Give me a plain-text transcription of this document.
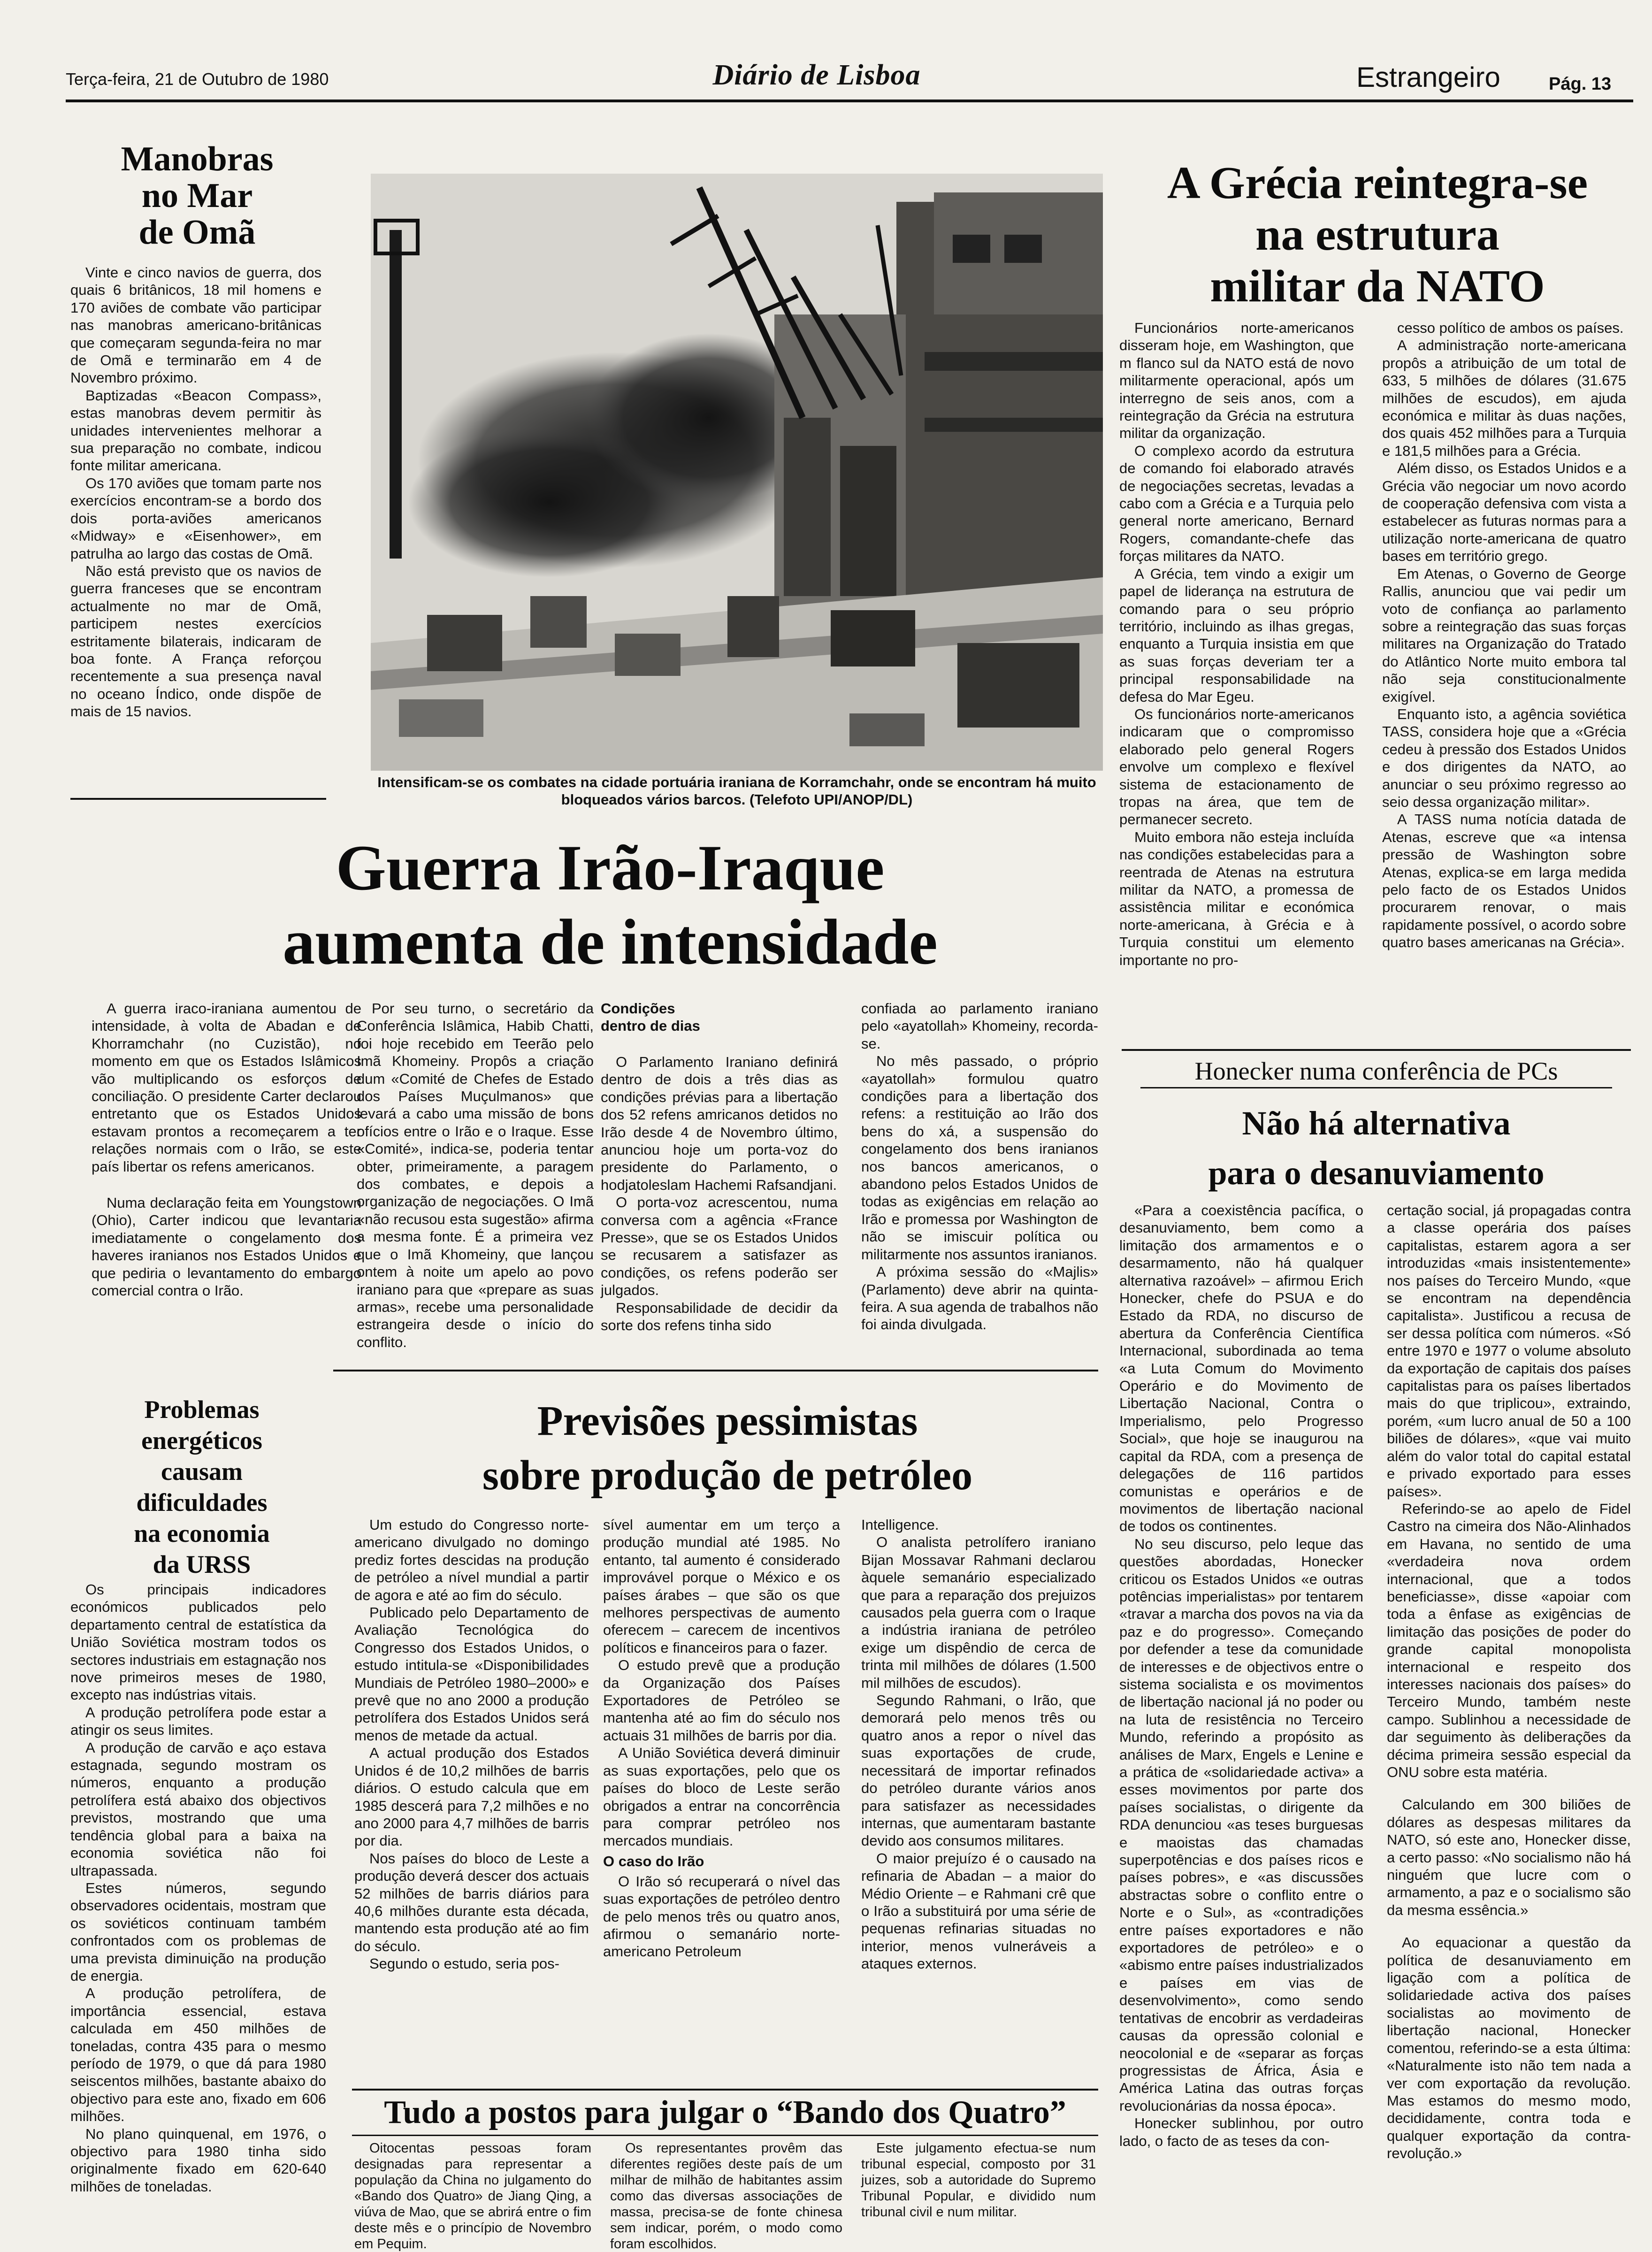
Terça-feira, 21 de Outubro de 1980	Diário de Lisboa	Estrangeiro	Pág. 13
Manobras
no Mar
de Omã

Vinte e cinco navios de guerra, dos quais 6 britânicos, 18 mil homens e 170 aviões de combate vão participar nas manobras americano-britânicas que começaram segunda-feira no mar de Omã e terminarão em 4 de Novembro próximo.

Baptizadas «Beacon Compass», estas manobras devem permitir às unidades intervenientes melhorar a sua preparação no combate, indicou fonte militar americana.

Os 170 aviões que tomam parte nos exercícios encontram-se a bordo dos dois porta-aviões americanos «Midway» e «Eisenhower», em patrulha ao largo das costas de Omã.

Não está previsto que os navios de guerra franceses que se encontram actualmente no mar de Omã, participem nestes exercícios estritamente bilaterais, indicaram de boa fonte. A França reforçou recentemente a sua presença naval no oceano Índico, onde dispõe de mais de 15 navios.

Intensificam-se os combates na cidade portuária iraniana de Korramchahr, onde se encontram há muito bloqueados vários barcos. (Telefoto UPI/ANOP/DL)
A Grécia reintegra-se
na estrutura
militar da NATO

Funcionários norte-americanos disseram hoje, em Washington, que m flanco sul da NATO está de novo militarmente operacional, após um interregno de seis anos, com a reintegração da Grécia na estrutura militar da organização.

O complexo acordo da estrutura de comando foi elaborado através de negociações secretas, levadas a cabo com a Grécia e a Turquia pelo general norte americano, Bernard Rogers, comandante-chefe das forças militares da NATO.

A Grécia, tem vindo a exigir um papel de liderança na estrutura de comando para o seu próprio território, incluindo as ilhas gregas, enquanto a Turquia insistia em que as suas forças deveriam ter a principal responsabilidade na defesa do Mar Egeu.

Os funcionários norte-americanos indicaram que o compromisso elaborado pelo general Rogers envolve um complexo e flexível sistema de estacionamento de tropas na área, que tem de permanecer secreto.

Muito embora não esteja incluída nas condições estabelecidas para a reentrada de Atenas na estrutura militar da NATO, a promessa de assistência militar e económica norte-americana, à Grécia e à Turquia constitui um elemento importante no pro-

cesso político de ambos os países.

A administração norte-americana propôs a atribuição de um total de 633, 5 milhões de dólares (31.675 milhões de escudos), em ajuda económica e militar às duas nações, dos quais 452 milhões para a Turquia e 181,5 milhões para a Grécia.

Além disso, os Estados Unidos e a Grécia vão negociar um novo acordo de cooperação defensiva com vista a estabelecer as futuras normas para a utilização norte-americana de quatro bases em território grego.

Em Atenas, o Governo de George Rallis, anunciou que vai pedir um voto de confiança ao parlamento sobre a reintegração das suas forças militares na Organização do Tratado do Atlântico Norte muito embora tal não seja constitucionalmente exigível.

Enquanto isto, a agência soviética TASS, considera hoje que a «Grécia cedeu à pressão dos Estados Unidos e dos dirigentes da NATO, ao anunciar o seu próximo regresso ao seio dessa organização militar».

A TASS numa notícia datada de Atenas, escreve que «a intensa pressão de Washington sobre Atenas, explica-se em larga medida pelo facto de os Estados Unidos procurarem renovar, o mais rapidamente possível, o acordo sobre quatro bases americanas na Grécia».

Guerra Irão-Iraque
aumenta de intensidade

A guerra iraco-iraniana aumentou de intensidade, à volta de Abadan e de Khorramchahr (no Cuzistão), no momento em que os Estados Islâmicos vão multiplicando os esforços de conciliação. O presidente Carter declarou entretanto que os Estados Unidos estavam prontos a recomeçarem a ter relações normais com o Irão, se este país libertar os refens americanos.

Numa declaração feita em Youngstown (Ohio), Carter indicou que levantaria imediatamente o congelamento dos haveres iranianos nos Estados Unidos e que pediria o levantamento do embargo comercial contra o Irão.

Por seu turno, o secretário da Conferência Islâmica, Habib Chatti, foi hoje recebido em Teerão pelo Imã Khomeiny. Propôs a criação dum «Comité de Chefes de Estado dos Países Muçulmanos» que levará a cabo uma missão de bons ofícios entre o Irão e o Iraque. Esse «Comité», indica-se, poderia tentar obter, primeiramente, a paragem dos combates, e depois a organização de negociações. O Imã «não recusou esta sugestão» afirma a mesma fonte. É a primeira vez que o Imã Khomeiny, que lançou ontem à noite um apelo ao povo iraniano para que «prepare as suas armas», recebe uma personalidade estrangeira desde o início do conflito.

Condições
dentro de dias

O Parlamento Iraniano definirá dentro de dois a três dias as condições prévias para a libertação dos 52 refens amricanos detidos no Irão desde 4 de Novembro último, anunciou hoje um porta-voz do presidente do Parlamento, o hodjatoleslam Hachemi Rafsandjani.

O porta-voz acrescentou, numa conversa com a agência «France Presse», que se os Estados Unidos se recusarem a satisfazer as condições, os refens poderão ser julgados.

Responsabilidade de decidir da sorte dos refens tinha sido

confiada ao parlamento iraniano pelo «ayatollah» Khomeiny, recorda-se.

No mês passado, o próprio «ayatollah» formulou quatro condições para a libertação dos refens: a restituição ao Irão dos bens do xá, a suspensão do congelamento dos bens iranianos nos bancos americanos, o abandono pelos Estados Unidos de todas as exigências em relação ao Irão e promessa por Washington de não se imiscuir política ou militarmente nos assuntos iranianos.

A próxima sessão do «Majlis» (Parlamento) deve abrir na quinta-feira. A sua agenda de trabalhos não foi ainda divulgada.

Honecker numa conferência de PCs
Não há alternativa
para o desanuviamento

«Para a coexistência pacífica, o desanuviamento, bem como a limitação dos armamentos e o desarmamento, não há qualquer alternativa razoável» – afirmou Erich Honecker, chefe do PSUA e do Estado da RDA, no discurso de abertura da Conferência Científica Internacional, subordinada ao tema «a Luta Comum do Movimento Operário e do Movimento de Libertação Nacional, Contra o Imperialismo, pelo Progresso Social», que hoje se inaugurou na capital da RDA, com a presença de delegações de 116 partidos comunistas e operários e de movimentos de libertação nacional de todos os continentes.

No seu discurso, pelo leque das questões abordadas, Honecker criticou os Estados Unidos «e outras potências imperialistas» por tentarem «travar a marcha dos povos na via da paz e do progresso». Começando por defender a tese da comunidade de interesses e de objectivos entre o sistema socialista e os movimentos de libertação nacional já no poder ou na luta de resistência no Terceiro Mundo, referindo a propósito as análises de Marx, Engels e Lenine e a prática de «solidariedade activa» a esses movimentos por parte dos países socialistas, o dirigente da RDA denunciou «as teses burguesas e maoistas das chamadas superpotências e dos países ricos e países pobres», e «as discussões abstractas sobre o conflito entre o Norte e o Sul», as «contradições entre países exportadores e não exportadores de petróleo» e o «abismo entre países industrializados e países em vias de desenvolvimento», como sendo tentativas de encobrir as verdadeiras causas da opressão colonial e neocolonial e de «separar as forças progressistas de África, Ásia e América Latina das outras forças revolucionárias da nossa época».

Honecker sublinhou, por outro lado, o facto de as teses da con-

certação social, já propagadas contra a classe operária dos países capitalistas, estarem agora a ser introduzidas «mais insistentemente» nos países do Terceiro Mundo, «que se encontram na dependência capitalista». Justificou a recusa de ser dessa política com números. «Só entre 1970 e 1977 o volume absoluto da exportação de capitais dos países capitalistas para os países libertados mais do que triplicou», extraindo, porém, «um lucro anual de 50 a 100 biliões de dólares», «que vai muito além do valor total do capital estatal e privado exportado para esses países».

Referindo-se ao apelo de Fidel Castro na cimeira dos Não-Alinhados em Havana, no sentido de uma «verdadeira nova ordem internacional, que a todos beneficiasse», disse «apoiar com toda a ênfase as exigências de limitação das posições de poder do grande capital monopolista internacional e respeito dos interesses nacionais dos países» do Terceiro Mundo, também neste campo. Sublinhou a necessidade de dar seguimento às deliberações da décima primeira sessão especial da ONU sobre esta matéria.

Calculando em 300 biliões de dólares as despesas militares da NATO, só este ano, Honecker disse, a certo passo: «No socialismo não há ninguém que lucre com o armamento, a paz e o socialismo são da mesma essência.»

Ao equacionar a questão da política de desanuviamento em ligação com a política de solidariedade activa dos países socialistas ao movimento de libertação nacional, Honecker comentou, referindo-se a esta última: «Naturalmente isto não tem nada a ver com exportação da revolução. Mas estamos do mesmo modo, decididamente, contra toda e qualquer exportação da contra-revolução.»

Problemas
energéticos
causam
dificuldades
na economia
da URSS

Os principais indicadores económicos publicados pelo departamento central de estatística da União Soviética mostram todos os sectores industriais em estagnação nos nove primeiros meses de 1980, excepto nas indústrias vitais.

A produção petrolífera pode estar a atingir os seus limites.

A produção de carvão e aço estava estagnada, segundo mostram os números, enquanto a produção petrolífera está abaixo dos objectivos previstos, mostrando que uma tendência global para a baixa na economia soviética não foi ultrapassada.

Estes números, segundo observadores ocidentais, mostram que os soviéticos continuam também confrontados com os problemas de uma prevista diminuição na produção de energia.

A produção petrolífera, de importância essencial, estava calculada em 450 milhões de toneladas, contra 435 para o mesmo período de 1979, o que dá para 1980 seiscentos milhões, bastante abaixo do objectivo para este ano, fixado em 606 milhões.

No plano quinquenal, em 1976, o objectivo para 1980 tinha sido originalmente fixado em 620-640 milhões de toneladas.

Previsões pessimistas
sobre produção de petróleo

Um estudo do Congresso norte-americano divulgado no domingo prediz fortes descidas na produção de petróleo a nível mundial a partir de agora e até ao fim do século.

Publicado pelo Departamento de Avaliação Tecnológica do Congresso dos Estados Unidos, o estudo intitula-se «Disponibilidades Mundiais de Petróleo 1980–2000» e prevê que no ano 2000 a produção petrolífera dos Estados Unidos será menos de metade da actual.

A actual produção dos Estados Unidos é de 10,2 milhões de barris diários. O estudo calcula que em 1985 descerá para 7,2 milhões e no ano 2000 para 4,7 milhões de barris por dia.

Nos países do bloco de Leste a produção deverá descer dos actuais 52 milhões de barris diários para 40,6 milhões durante esta década, mantendo esta produção até ao fim do século.

Segundo o estudo, seria pos-

sível aumentar em um terço a produção mundial até 1985. No entanto, tal aumento é considerado improvável porque o México e os países árabes – que são os que melhores perspectivas de aumento oferecem – carecem de incentivos políticos e financeiros para o fazer.

O estudo prevê que a produção da Organização dos Países Exportadores de Petróleo se mantenha até ao fim do século nos actuais 31 milhões de barris por dia.

A União Soviética deverá diminuir as suas exportações, pelo que os países do bloco de Leste serão obrigados a entrar na concorrência para comprar petróleo nos mercados mundiais.

O caso do Irão

O Irão só recuperará o nível das suas exportações de petróleo dentro de pelo menos três ou quatro anos, afirmou o semanário norte-americano Petroleum

Intelligence.

O analista petrolífero iraniano Bijan Mossavar Rahmani declarou àquele semanário especializado que para a reparação dos prejuizos causados pela guerra com o Iraque a indústria iraniana de petróleo exige um dispêndio de cerca de trinta mil milhões de dólares (1.500 mil milhões de escudos).

Segundo Rahmani, o Irão, que demorará pelo menos três ou quatro anos a repor o nível das suas exportações de crude, necessitará de importar refinados do petróleo durante vários anos para satisfazer as necessidades internas, que aumentaram bastante devido aos consumos militares.

O maior prejuízo é o causado na refinaria de Abadan – a maior do Médio Oriente – e Rahmani crê que o Irão a substituirá por uma série de pequenas refinarias situadas no interior, menos vulneráveis a ataques externos.

Tudo a postos para julgar o “Bando dos Quatro”

Oitocentas pessoas foram designadas para representar a população da China no julgamento do «Bando dos Quatro» de Jiang Qing, a viúva de Mao, que se abrirá entre o fim deste mês e o princípio de Novembro em Pequim.

Os representantes provêm das diferentes regiões deste país de um milhar de milhão de habitantes assim como das diversas associações de massa, precisa-se de fonte chinesa sem indicar, porém, o modo como foram escolhidos.

Este julgamento efectua-se num tribunal especial, composto por 31 juizes, sob a autoridade do Supremo Tribunal Popular, e dividido num tribunal civil e num militar.
